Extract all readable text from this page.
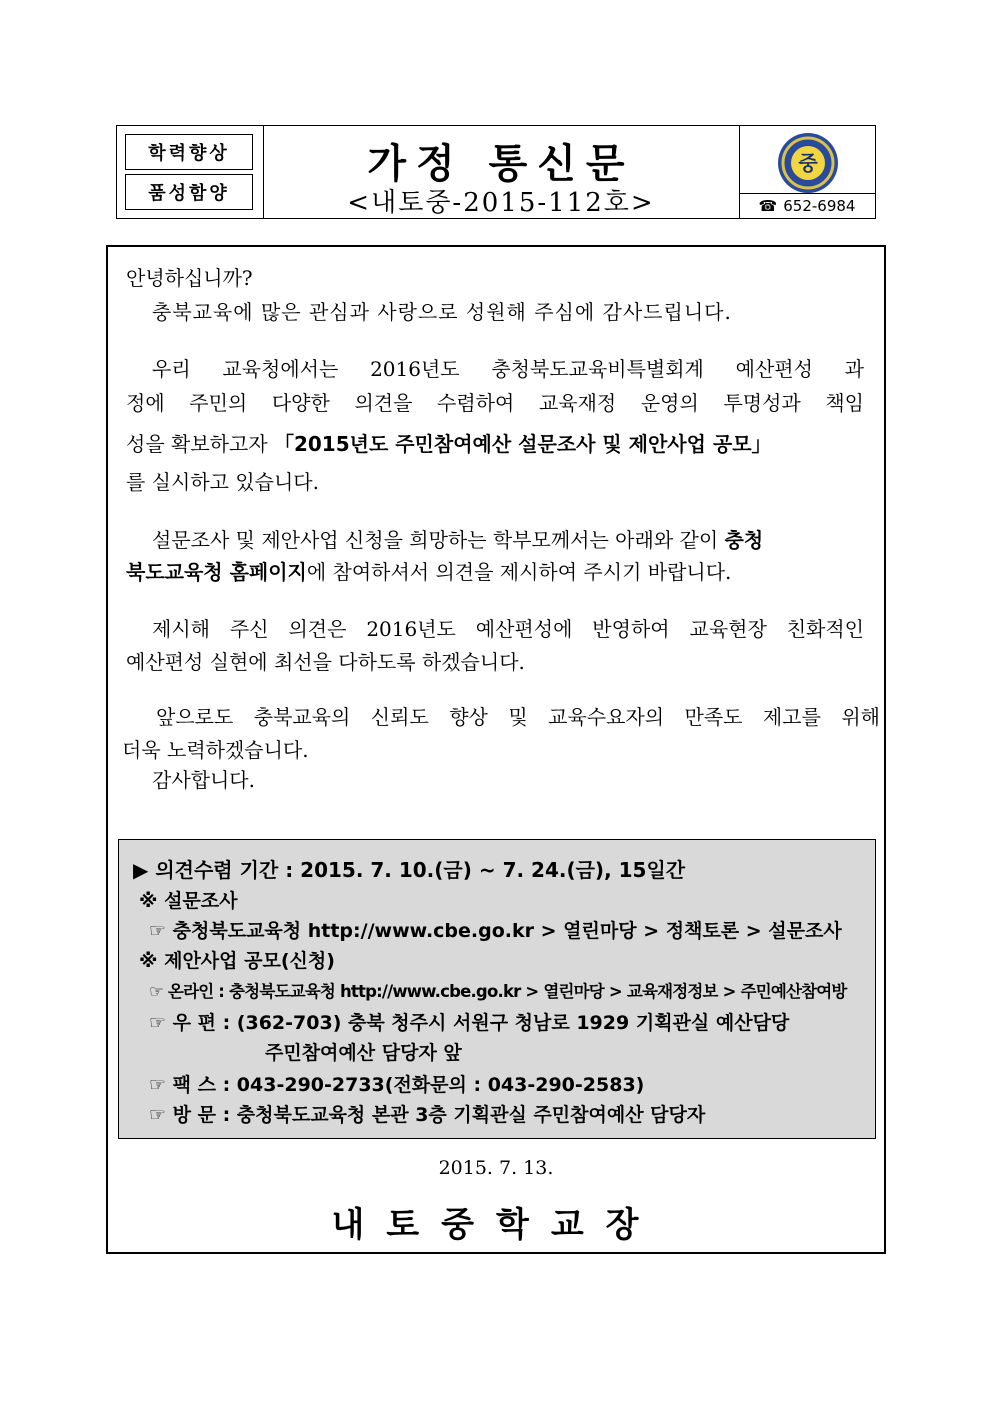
학력향상
품성함양
가정 통신문
<내토중-2015-112호>
중
☎ 652-6984
안녕하십니까?
충북교육에 많은 관심과 사랑으로 성원해 주심에 감사드립니다.
우리 교육청에서는 2016년도 충청북도교육비특별회계 예산편성 과
정에 주민의 다양한 의견을 수렴하여 교육재정 운영의 투명성과 책임
성을 확보하고자 「2015년도 주민참여예산 설문조사 및 제안사업 공모」
를 실시하고 있습니다.
설문조사 및 제안사업 신청을 희망하는 학부모께서는 아래와 같이 충청
북도교육청 홈페이지에 참여하셔서 의견을 제시하여 주시기 바랍니다.
제시해 주신 의견은 2016년도 예산편성에 반영하여 교육현장 친화적인
예산편성 실현에 최선을 다하도록 하겠습니다.
앞으로도 충북교육의 신뢰도 향상 및 교육수요자의 만족도 제고를 위해
더욱 노력하겠습니다.
감사합니다.
▶ 의견수렴 기간 : 2015. 7. 10.(금) ~ 7. 24.(금), 15일간
※ 설문조사
☞ 충청북도교육청 http://www.cbe.go.kr > 열린마당 > 정책토론 > 설문조사
※ 제안사업 공모(신청)
☞ 온라인 : 충청북도교육청 http://www.cbe.go.kr > 열린마당 > 교육재정정보 > 주민예산참여방
☞ 우 편 : (362-703) 충북 청주시 서원구 청남로 1929 기획관실 예산담당
주민참여예산 담당자 앞
☞ 팩 스 : 043-290-2733(전화문의 : 043-290-2583)
☞ 방 문 : 충청북도교육청 본관 3층 기획관실 주민참여예산 담당자
2015. 7. 13.
내토중학교장
